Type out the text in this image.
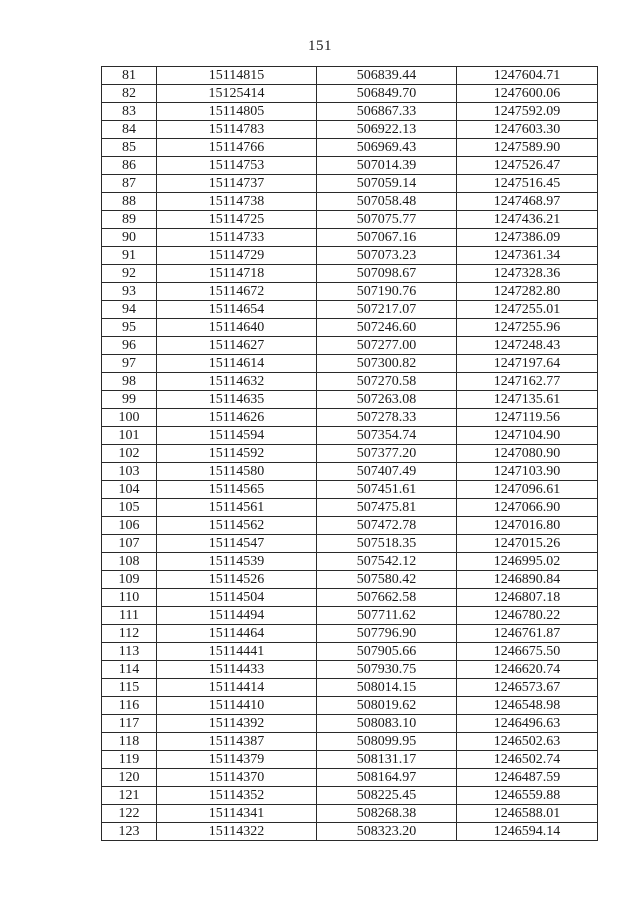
151
81	15114815	506839.44	1247604.71
82	15125414	506849.70	1247600.06
83	15114805	506867.33	1247592.09
84	15114783	506922.13	1247603.30
85	15114766	506969.43	1247589.90
86	15114753	507014.39	1247526.47
87	15114737	507059.14	1247516.45
88	15114738	507058.48	1247468.97
89	15114725	507075.77	1247436.21
90	15114733	507067.16	1247386.09
91	15114729	507073.23	1247361.34
92	15114718	507098.67	1247328.36
93	15114672	507190.76	1247282.80
94	15114654	507217.07	1247255.01
95	15114640	507246.60	1247255.96
96	15114627	507277.00	1247248.43
97	15114614	507300.82	1247197.64
98	15114632	507270.58	1247162.77
99	15114635	507263.08	1247135.61
100	15114626	507278.33	1247119.56
101	15114594	507354.74	1247104.90
102	15114592	507377.20	1247080.90
103	15114580	507407.49	1247103.90
104	15114565	507451.61	1247096.61
105	15114561	507475.81	1247066.90
106	15114562	507472.78	1247016.80
107	15114547	507518.35	1247015.26
108	15114539	507542.12	1246995.02
109	15114526	507580.42	1246890.84
110	15114504	507662.58	1246807.18
111	15114494	507711.62	1246780.22
112	15114464	507796.90	1246761.87
113	15114441	507905.66	1246675.50
114	15114433	507930.75	1246620.74
115	15114414	508014.15	1246573.67
116	15114410	508019.62	1246548.98
117	15114392	508083.10	1246496.63
118	15114387	508099.95	1246502.63
119	15114379	508131.17	1246502.74
120	15114370	508164.97	1246487.59
121	15114352	508225.45	1246559.88
122	15114341	508268.38	1246588.01
123	15114322	508323.20	1246594.14
